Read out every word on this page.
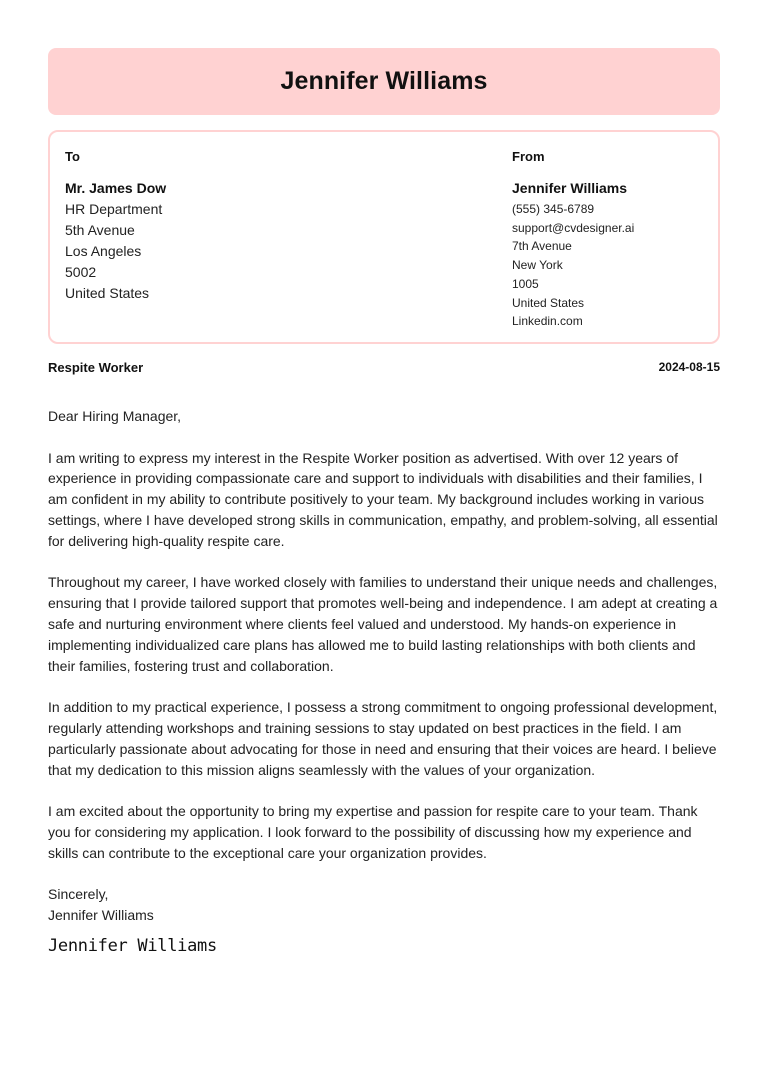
Jennifer Williams
To
Mr. James Dow
HR Department
5th Avenue
Los Angeles
5002
United States
From
Jennifer Williams
(555) 345-6789
support@cvdesigner.ai
7th Avenue
New York
1005
United States
Linkedin.com
Respite Worker	2024-08-15

Dear Hiring Manager,

I am writing to express my interest in the Respite Worker position as advertised. With over 12 years of experience in providing compassionate care and support to individuals with disabilities and their families, I am confident in my ability to contribute positively to your team. My background includes working in various settings, where I have developed strong skills in communication, empathy, and problem-solving, all essential for delivering high-quality respite care.

Throughout my career, I have worked closely with families to understand their unique needs and challenges, ensuring that I provide tailored support that promotes well-being and independence. I am adept at creating a safe and nurturing environment where clients feel valued and understood. My hands-on experience in implementing individualized care plans has allowed me to build lasting relationships with both clients and their families, fostering trust and collaboration.

In addition to my practical experience, I possess a strong commitment to ongoing professional development, regularly attending workshops and training sessions to stay updated on best practices in the field. I am particularly passionate about advocating for those in need and ensuring that their voices are heard. I believe that my dedication to this mission aligns seamlessly with the values of your organization.

I am excited about the opportunity to bring my expertise and passion for respite care to your team. Thank you for considering my application. I look forward to the possibility of discussing how my experience and skills can contribute to the exceptional care your organization provides.

Sincerely,

Jennifer Williams

Jennifer Williams
